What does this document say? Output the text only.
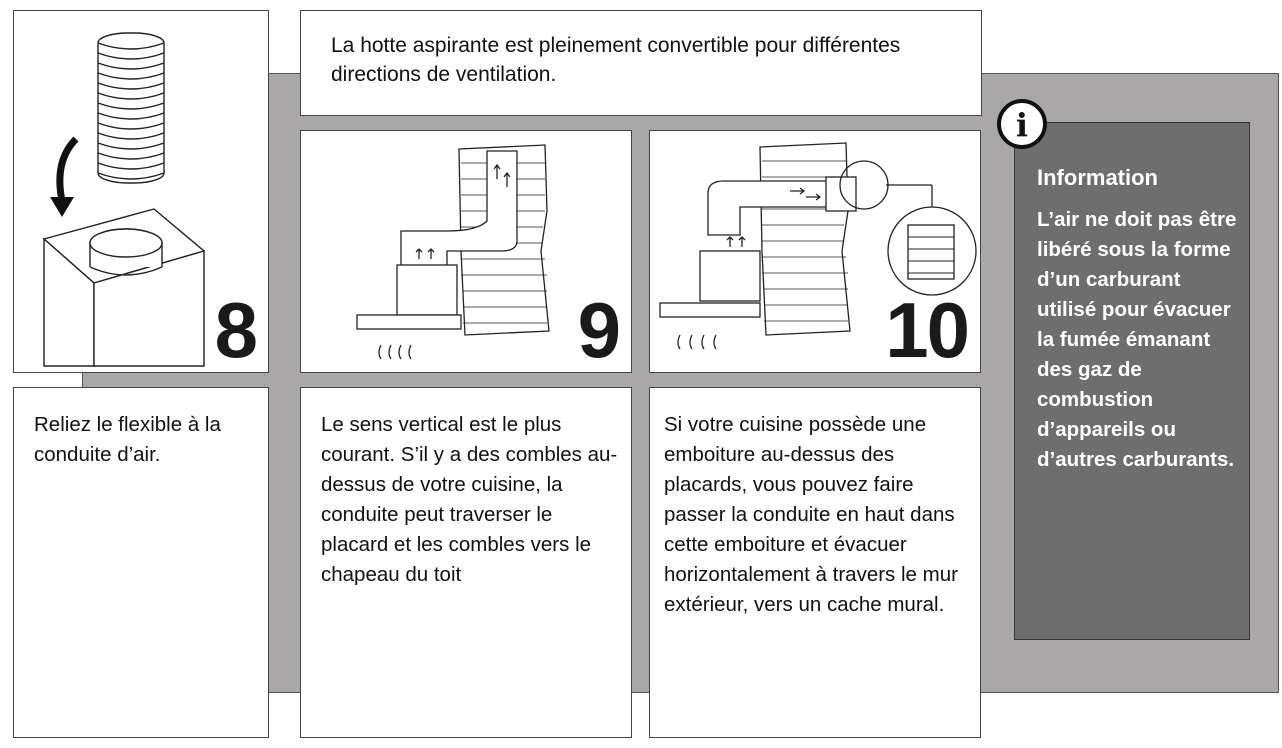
La hotte aspirante est pleinement convertible pour différentes directions de ventilation.
8	9	10
Reliez le flexible à la conduite d’air.
Le sens vertical est le plus courant. S’il y a des combles au-dessus de votre cuisine, la conduite peut traverser le placard et les combles vers le chapeau du toit
Si votre cuisine possède une emboiture au-dessus des placards, vous pouvez faire passer la conduite en haut dans cette emboiture et évacuer horizontalement à travers le mur extérieur, vers un cache mural.
Information
L’air ne doit pas être libéré sous la forme d’un carburant utilisé pour évacuer la fumée émanant des gaz de combustion d’appareils ou d’autres carburants.
i
